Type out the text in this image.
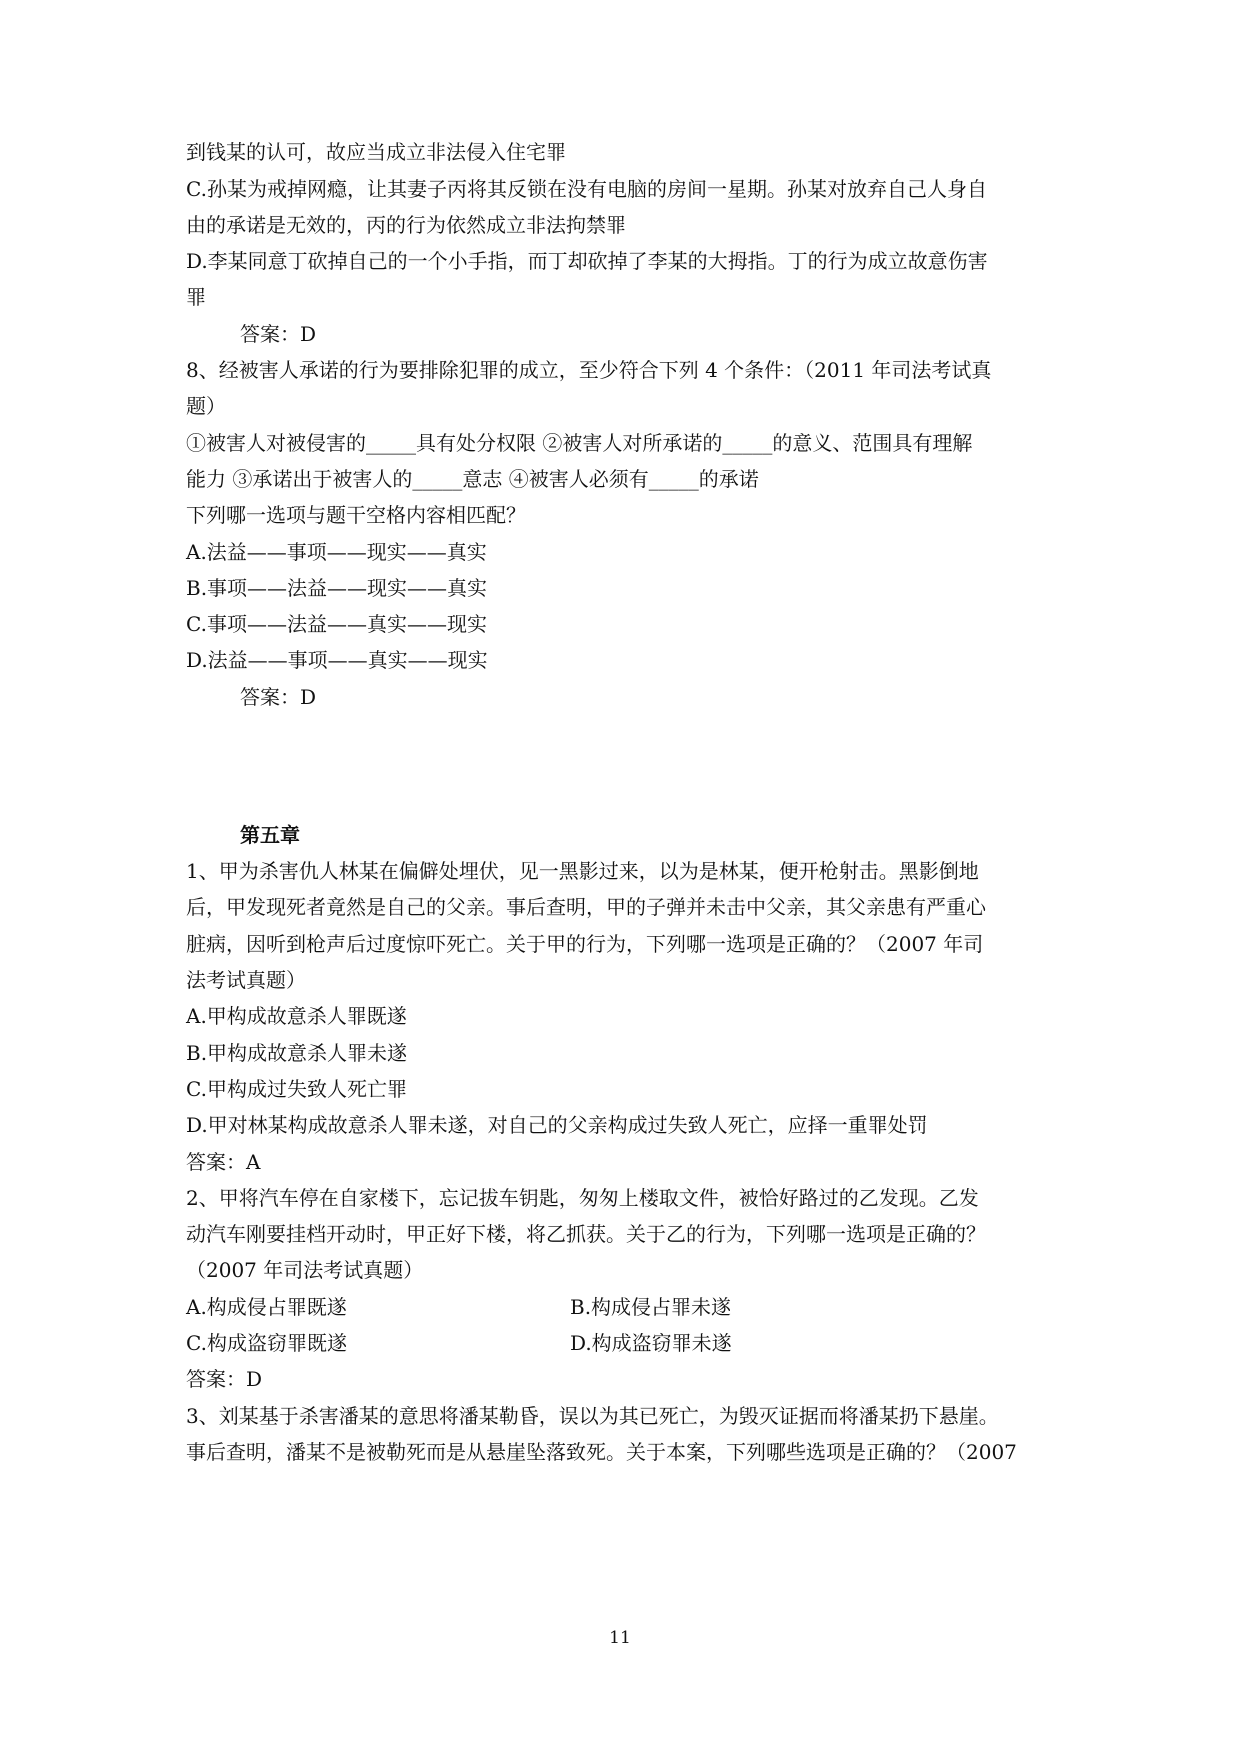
到钱某的认可，故应当成立非法侵入住宅罪
C.孙某为戒掉网瘾，让其妻子丙将其反锁在没有电脑的房间一星期。孙某对放弃自己人身自
由的承诺是无效的，丙的行为依然成立非法拘禁罪
D.李某同意丁砍掉自己的一个小手指，而丁却砍掉了李某的大拇指。丁的行为成立故意伤害
罪
答案：D
8、经被害人承诺的行为要排除犯罪的成立，至少符合下列 4 个条件：（2011 年司法考试真
题）
①被害人对被侵害的_____具有处分权限 ②被害人对所承诺的_____的意义、范围具有理解
能力 ③承诺出于被害人的_____意志 ④被害人必须有_____的承诺
下列哪一选项与题干空格内容相匹配？
A.法益——事项——现实——真实
B.事项——法益——现实——真实
C.事项——法益——真实——现实
D.法益——事项——真实——现实
答案：D
第五章
1、甲为杀害仇人林某在偏僻处埋伏，见一黑影过来，以为是林某，便开枪射击。黑影倒地
后，甲发现死者竟然是自己的父亲。事后查明，甲的子弹并未击中父亲，其父亲患有严重心
脏病，因听到枪声后过度惊吓死亡。关于甲的行为，下列哪一选项是正确的？（2007 年司
法考试真题）
A.甲构成故意杀人罪既遂
B.甲构成故意杀人罪未遂
C.甲构成过失致人死亡罪
D.甲对林某构成故意杀人罪未遂，对自己的父亲构成过失致人死亡，应择一重罪处罚
答案：A
2、甲将汽车停在自家楼下，忘记拔车钥匙，匆匆上楼取文件，被恰好路过的乙发现。乙发
动汽车刚要挂档开动时，甲正好下楼，将乙抓获。关于乙的行为，下列哪一选项是正确的？
（2007 年司法考试真题）
A.构成侵占罪既遂	B.构成侵占罪未遂
C.构成盗窃罪既遂	D.构成盗窃罪未遂
答案：D
3、刘某基于杀害潘某的意思将潘某勒昏，误以为其已死亡，为毁灭证据而将潘某扔下悬崖。
事后查明，潘某不是被勒死而是从悬崖坠落致死。关于本案，下列哪些选项是正确的？（2007
11
